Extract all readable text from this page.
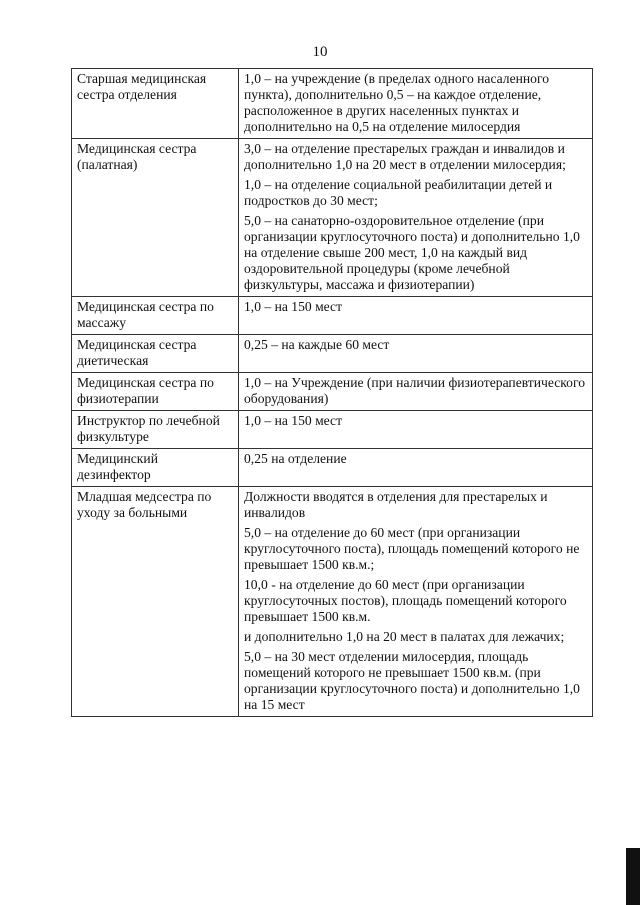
10
Старшая медицинская сестра отделения	1,0 – на учреждение (в пределах одного насаленного пункта), дополнительно 0,5 – на каждое отделение, расположенное в других населенных пунктах и дополнительно на 0,5 на отделение милосердия

Медицинская сестра (палатная)	3,0 – на отделение престарелых граждан и инвалидов и дополнительно 1,0 на 20 мест в отделении милосердия;

1,0 – на отделение социальной реабилитации детей и подростков до 30 мест;

5,0 – на санаторно-оздоровительное отделение (при организации круглосуточного поста) и дополнительно 1,0 на отделение свыше 200 мест, 1,0 на каждый вид оздоровительной процедуры (кроме лечебной физкультуры, массажа и физиотерапии)

Медицинская сестра по массажу	1,0 – на 150 мест

Медицинская сестра диетическая	0,25 – на каждые 60 мест

Медицинская сестра по физиотерапии	1,0 – на Учреждение (при наличии физиотерапевтического оборудования)

Инструктор по лечебной физкультуре	1,0 – на 150 мест

Медицинский дезинфектор	0,25 на отделение

Младшая медсестра по уходу за больными	Должности вводятся в отделения для престарелых и инвалидов

5,0 – на отделение до 60 мест (при организации круглосуточного поста), площадь помещений которого не превышает 1500 кв.м.;

10,0 - на отделение до 60 мест (при организации круглосуточных постов), площадь помещений которого превышает 1500 кв.м.

и дополнительно 1,0 на 20 мест в палатах для лежачих;

5,0 – на 30 мест отделении милосердия, площадь помещений которого не превышает 1500 кв.м. (при организации круглосуточного поста) и дополнительно 1,0 на 15 мест
